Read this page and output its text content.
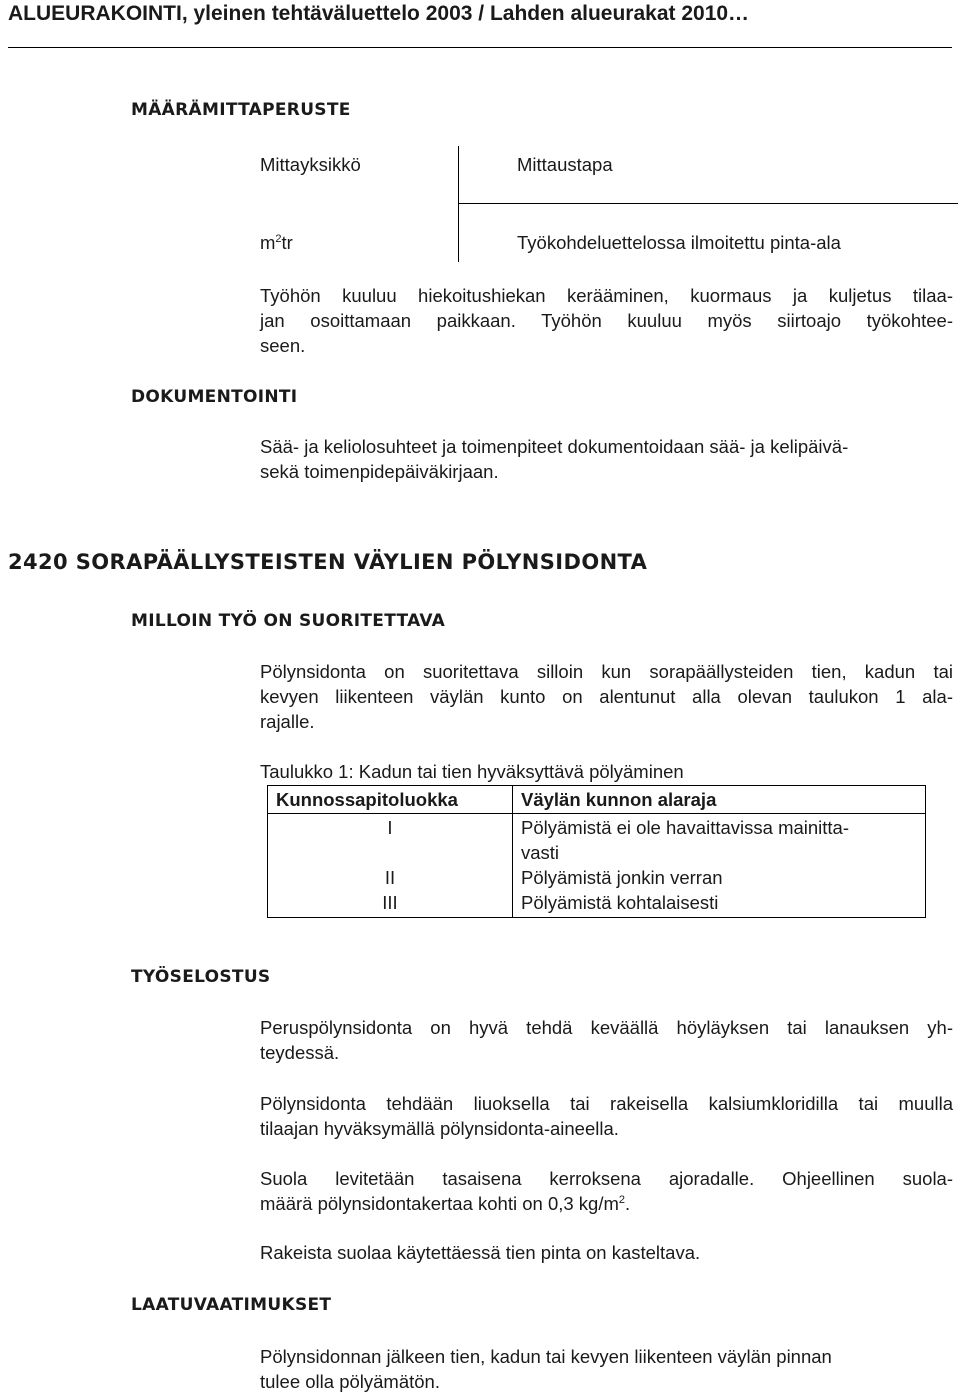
ALUEURAKOINTI, yleinen tehtäväluettelo 2003 / Lahden alueurakat 2010…
MÄÄRÄMITTAPERUSTE
Mittayksikkö	Mittaustapa
$m^2tr$	Työkohdeluettelossa ilmoitettu pinta-ala
Työhön kuuluu hiekoitushiekan kerääminen, kuormaus ja kuljetus tilaa-
jan osoittamaan paikkaan. Työhön kuuluu myös siirtoajo työkohtee-
seen.
DOKUMENTOINTI
Sää- ja keliolosuhteet ja toimenpiteet dokumentoidaan sää- ja kelipäivä-
sekä toimenpidepäiväkirjaan.
2420 SORAPÄÄLLYSTEISTEN VÄYLIEN PÖLYNSIDONTA
MILLOIN TYÖ ON SUORITETTAVA
Pölynsidonta on suoritettava silloin kun sorapäällysteiden tien, kadun tai
kevyen liikenteen väylän kunto on alentunut alla olevan taulukon 1 ala-
rajalle.
Taulukko 1: Kadun tai tien hyväksyttävä pölyäminen
Kunnossapitoluokka	Väylän kunnon alaraja
I	Pölyämistä ei ole havaittavissa mainitta-
vasti

II	Pölyämistä jonkin verran
III	Pölyämistä kohtalaisesti
TYÖSELOSTUS
Peruspölynsidonta on hyvä tehdä keväällä höyläyksen tai lanauksen yh-
teydessä.
Pölynsidonta tehdään liuoksella tai rakeisella kalsiumkloridilla tai muulla
tilaajan hyväksymällä pölynsidonta-aineella.
Suola levitetään tasaisena kerroksena ajoradalle. Ohjeellinen suola-
määrä pölynsidontakertaa kohti on 0,3 $kg/m^2$.
Rakeista suolaa käytettäessä tien pinta on kasteltava.
LAATUVAATIMUKSET
Pölynsidonnan jälkeen tien, kadun tai kevyen liikenteen väylän pinnan
tulee olla pölyämätön.
